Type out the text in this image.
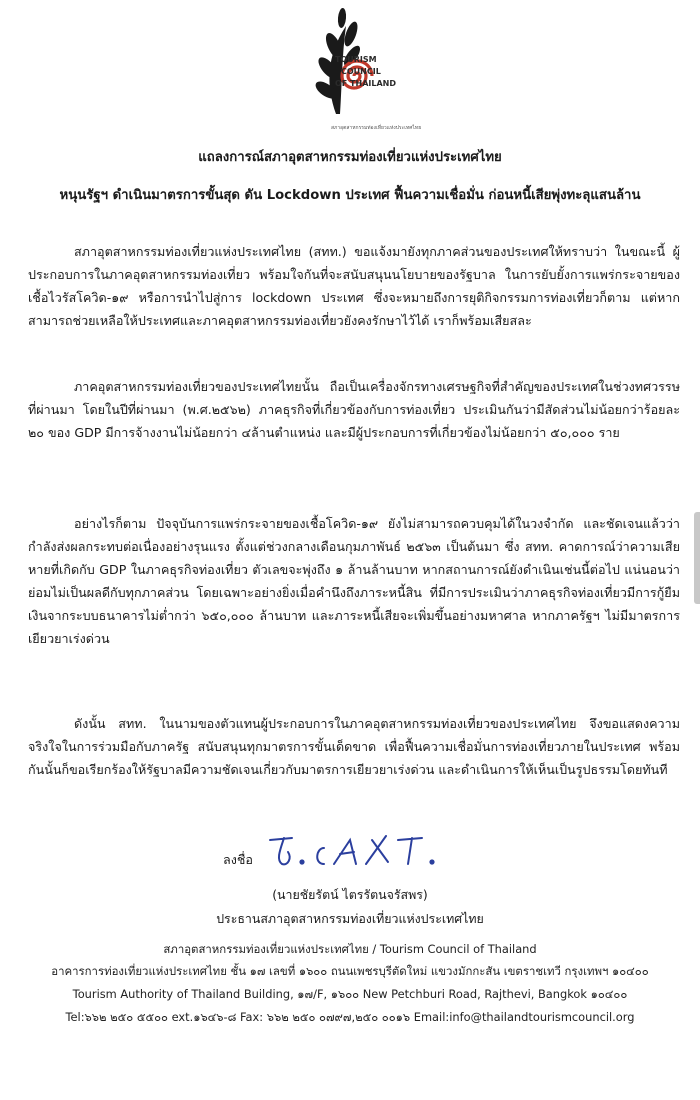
TOURISM
COUNCIL
OF THAILAND
สภาอุตสาหกรรมท่องเที่ยวแห่งประเทศไทย
แถลงการณ์สภาอุตสาหกรรมท่องเที่ยวแห่งประเทศไทย
หนุนรัฐฯ ดำเนินมาตรการขั้นสุด ดัน Lockdown ประเทศ ฟื้นความเชื่อมั่น ก่อนหนี้เสียพุ่งทะลุแสนล้าน

สภาอุตสาหกรรมท่องเที่ยวแห่งประเทศไทย (สทท.) ขอแจ้งมายังทุกภาคส่วนของประเทศให้ทราบว่า ในขณะนี้ ผู้ประกอบการในภาคอุตสาหกรรมท่องเที่ยว พร้อมใจกันที่จะสนับสนุนนโยบายของรัฐบาล ในการยับยั้งการแพร่กระจายของเชื้อไวรัสโควิด-๑๙ หรือการนำไปสู่การ lockdown ประเทศ ซึ่งจะหมายถึงการยุติกิจกรรมการท่องเที่ยวก็ตาม แต่หากสามารถช่วยเหลือให้ประเทศและภาคอุตสาหกรรมท่องเที่ยวยังคงรักษาไว้ได้ เราก็พร้อมเสียสละ

ภาคอุตสาหกรรมท่องเที่ยวของประเทศไทยนั้น ถือเป็นเครื่องจักรทางเศรษฐกิจที่สำคัญของประเทศในช่วงทศวรรษที่ผ่านมา โดยในปีที่ผ่านมา (พ.ศ.๒๕๖๒) ภาคธุรกิจที่เกี่ยวข้องกับการท่องเที่ยว ประเมินกันว่ามีสัดส่วนไม่น้อยกว่าร้อยละ ๒๐ ของ GDP มีการจ้างงานไม่น้อยกว่า ๔ล้านตำแหน่ง และมีผู้ประกอบการที่เกี่ยวข้องไม่น้อยกว่า ๕๐,๐๐๐ ราย

อย่างไรก็ตาม ปัจจุบันการแพร่กระจายของเชื้อโควิด-๑๙ ยังไม่สามารถควบคุมได้ในวงจำกัด และชัดเจนแล้วว่ากำลังส่งผลกระทบต่อเนื่องอย่างรุนแรง ตั้งแต่ช่วงกลางเดือนกุมภาพันธ์ ๒๕๖๓ เป็นต้นมา ซึ่ง สทท. คาดการณ์ว่าความเสียหายที่เกิดกับ GDP ในภาคธุรกิจท่องเที่ยว ตัวเลขจะพุ่งถึง ๑ ล้านล้านบาท หากสถานการณ์ยังดำเนินเช่นนี้ต่อไป แน่นอนว่าย่อมไม่เป็นผลดีกับทุกภาคส่วน โดยเฉพาะอย่างยิ่งเมื่อคำนึงถึงภาระหนี้สิน ที่มีการประเมินว่าภาคธุรกิจท่องเที่ยวมีการกู้ยืมเงินจากระบบธนาคารไม่ต่ำกว่า ๖๕๐,๐๐๐ ล้านบาท และภาระหนี้เสียจะเพิ่มขึ้นอย่างมหาศาล หากภาครัฐฯ ไม่มีมาตรการเยียวยาเร่งด่วน

ดังนั้น สทท. ในนามของตัวแทนผู้ประกอบการในภาคอุตสาหกรรมท่องเที่ยวของประเทศไทย จึงขอแสดงความจริงใจในการร่วมมือกับภาครัฐ สนับสนุนทุกมาตรการขั้นเด็ดขาด เพื่อฟื้นความเชื่อมั่นการท่องเที่ยวภายในประเทศ พร้อมกันนั้นก็ขอเรียกร้องให้รัฐบาลมีความชัดเจนเกี่ยวกับมาตรการเยียวยาเร่งด่วน และดำเนินการให้เห็นเป็นรูปธรรมโดยทันที

ลงชื่อ
(นายชัยรัตน์ ไตรรัตนจรัสพร)
ประธานสภาอุตสาหกรรมท่องเที่ยวแห่งประเทศไทย
สภาอุตสาหกรรมท่องเที่ยวแห่งประเทศไทย / Tourism Council of Thailand
อาคารการท่องเที่ยวแห่งประเทศไทย ชั้น ๑๗ เลขที่ ๑๖๐๐ ถนนเพชรบุรีตัดใหม่ แขวงมักกะสัน เขตราชเทวี กรุงเทพฯ ๑๐๔๐๐
Tourism Authority of Thailand Building, ๑๗/F, ๑๖๐๐ New Petchburi Road, Rajthevi, Bangkok ๑๐๔๐๐
Tel:๖๖๒ ๒๕๐ ๕๕๐๐ ext.๑๖๔๖-๘ Fax: ๖๖๒ ๒๕๐ ๐๗๙๗,๒๕๐ ๐๐๑๖ Email:info@thailandtourismcouncil.org
